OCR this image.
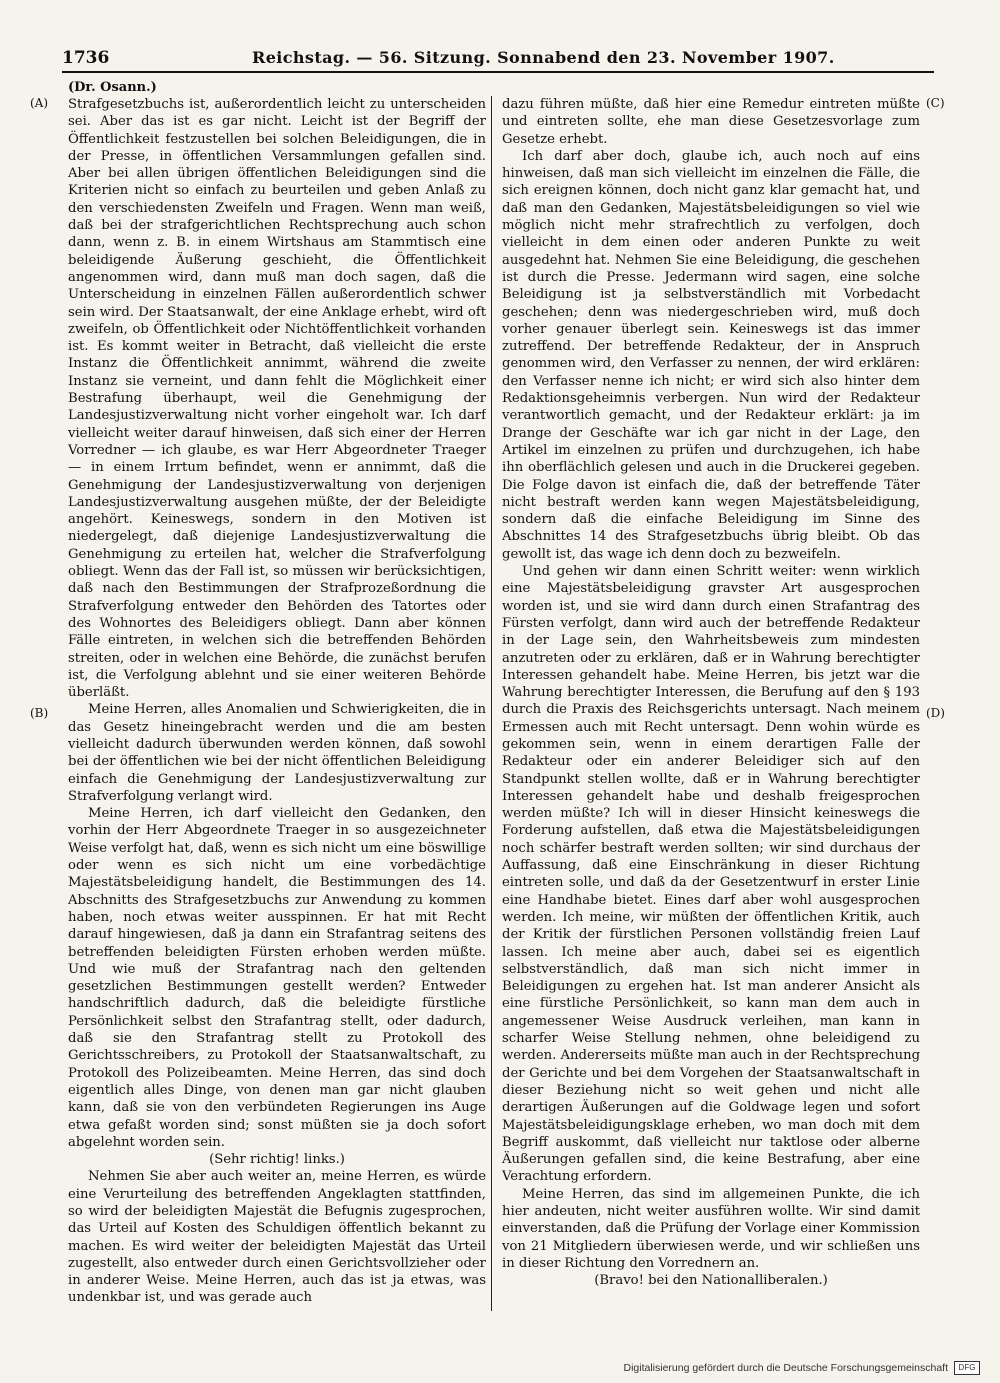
1736	Reichstag. — 56. Sitzung. Sonnabend den 23. November 1907.
(Dr. Osann.)
(A)
(B)
(C)
(D)

Strafgesetzbuchs ist, außerordentlich leicht zu unterscheiden sei. Aber das ist es gar nicht. Leicht ist der Begriff der Öffentlichkeit festzustellen bei solchen Beleidigungen, die in der Presse, in öffentlichen Versammlungen gefallen sind. Aber bei allen übrigen öffentlichen Beleidigungen sind die Kriterien nicht so einfach zu beurteilen und geben Anlaß zu den verschiedensten Zweifeln und Fragen. Wenn man weiß, daß bei der strafgerichtlichen Rechtsprechung auch schon dann, wenn z. B. in einem Wirtshaus am Stammtisch eine beleidigende Äußerung geschieht, die Öffentlichkeit angenommen wird, dann muß man doch sagen, daß die Unterscheidung in einzelnen Fällen außerordentlich schwer sein wird. Der Staatsanwalt, der eine Anklage erhebt, wird oft zweifeln, ob Öffentlichkeit oder Nichtöffentlichkeit vorhanden ist. Es kommt weiter in Betracht, daß vielleicht die erste Instanz die Öffentlichkeit annimmt, während die zweite Instanz sie verneint, und dann fehlt die Möglichkeit einer Bestrafung überhaupt, weil die Genehmigung der Landesjustizverwaltung nicht vorher eingeholt war. Ich darf vielleicht weiter darauf hinweisen, daß sich einer der Herren Vorredner — ich glaube, es war Herr Abgeordneter Traeger — in einem Irrtum befindet, wenn er annimmt, daß die Genehmigung der Landesjustizverwaltung von derjenigen Landesjustizverwaltung ausgehen müßte, der der Beleidigte angehört. Keineswegs, sondern in den Motiven ist niedergelegt, daß diejenige Landesjustizverwaltung die Genehmigung zu erteilen hat, welcher die Strafverfolgung obliegt. Wenn das der Fall ist, so müssen wir berücksichtigen, daß nach den Bestimmungen der Strafprozeßordnung die Strafverfolgung entweder den Behörden des Tatortes oder des Wohnortes des Beleidigers obliegt. Dann aber können Fälle eintreten, in welchen sich die betreffenden Behörden streiten, oder in welchen eine Behörde, die zunächst berufen ist, die Verfolgung ablehnt und sie einer weiteren Behörde überläßt.

Meine Herren, alles Anomalien und Schwierigkeiten, die in das Gesetz hineingebracht werden und die am besten vielleicht dadurch überwunden werden können, daß sowohl bei der öffentlichen wie bei der nicht öffentlichen Beleidigung einfach die Genehmigung der Landesjustizverwaltung zur Strafverfolgung verlangt wird.

Meine Herren, ich darf vielleicht den Gedanken, den vorhin der Herr Abgeordnete Traeger in so ausgezeichneter Weise verfolgt hat, daß, wenn es sich nicht um eine böswillige oder wenn es sich nicht um eine vorbedächtige Majestätsbeleidigung handelt, die Bestimmungen des 14. Abschnitts des Strafgesetzbuchs zur Anwendung zu kommen haben, noch etwas weiter ausspinnen. Er hat mit Recht darauf hingewiesen, daß ja dann ein Strafantrag seitens des betreffenden beleidigten Fürsten erhoben werden müßte. Und wie muß der Strafantrag nach den geltenden gesetzlichen Bestimmungen gestellt werden? Entweder handschriftlich dadurch, daß die beleidigte fürstliche Persönlichkeit selbst den Strafantrag stellt, oder dadurch, daß sie den Strafantrag stellt zu Protokoll des Gerichtsschreibers, zu Protokoll der Staatsanwaltschaft, zu Protokoll des Polizeibeamten. Meine Herren, das sind doch eigentlich alles Dinge, von denen man gar nicht glauben kann, daß sie von den verbündeten Regierungen ins Auge etwa gefaßt worden sind; sonst müßten sie ja doch sofort abgelehnt worden sein.

(Sehr richtig! links.)

Nehmen Sie aber auch weiter an, meine Herren, es würde eine Verurteilung des betreffenden Angeklagten stattfinden, so wird der beleidigten Majestät die Befugnis zugesprochen, das Urteil auf Kosten des Schuldigen öffentlich bekannt zu machen. Es wird weiter der beleidigten Majestät das Urteil zugestellt, also entweder durch einen Gerichtsvollzieher oder in anderer Weise. Meine Herren, auch das ist ja etwas, was undenkbar ist, und was gerade auch

dazu führen müßte, daß hier eine Remedur eintreten müßte und eintreten sollte, ehe man diese Gesetzesvorlage zum Gesetze erhebt.

Ich darf aber doch, glaube ich, auch noch auf eins hinweisen, daß man sich vielleicht im einzelnen die Fälle, die sich ereignen können, doch nicht ganz klar gemacht hat, und daß man den Gedanken, Majestätsbeleidigungen so viel wie möglich nicht mehr strafrechtlich zu verfolgen, doch vielleicht in dem einen oder anderen Punkte zu weit ausgedehnt hat. Nehmen Sie eine Beleidigung, die geschehen ist durch die Presse. Jedermann wird sagen, eine solche Beleidigung ist ja selbstverständlich mit Vorbedacht geschehen; denn was niedergeschrieben wird, muß doch vorher genauer überlegt sein. Keineswegs ist das immer zutreffend. Der betreffende Redakteur, der in Anspruch genommen wird, den Verfasser zu nennen, der wird erklären: den Verfasser nenne ich nicht; er wird sich also hinter dem Redaktionsgeheimnis verbergen. Nun wird der Redakteur verantwortlich gemacht, und der Redakteur erklärt: ja im Drange der Geschäfte war ich gar nicht in der Lage, den Artikel im einzelnen zu prüfen und durchzugehen, ich habe ihn oberflächlich gelesen und auch in die Druckerei gegeben. Die Folge davon ist einfach die, daß der betreffende Täter nicht bestraft werden kann wegen Majestätsbeleidigung, sondern daß die einfache Beleidigung im Sinne des Abschnittes 14 des Strafgesetzbuchs übrig bleibt. Ob das gewollt ist, das wage ich denn doch zu bezweifeln.

Und gehen wir dann einen Schritt weiter: wenn wirklich eine Majestätsbeleidigung gravster Art ausgesprochen worden ist, und sie wird dann durch einen Strafantrag des Fürsten verfolgt, dann wird auch der betreffende Redakteur in der Lage sein, den Wahrheitsbeweis zum mindesten anzutreten oder zu erklären, daß er in Wahrung berechtigter Interessen gehandelt habe. Meine Herren, bis jetzt war die Wahrung berechtigter Interessen, die Berufung auf den § 193 durch die Praxis des Reichsgerichts untersagt. Nach meinem Ermessen auch mit Recht untersagt. Denn wohin würde es gekommen sein, wenn in einem derartigen Falle der Redakteur oder ein anderer Beleidiger sich auf den Standpunkt stellen wollte, daß er in Wahrung berechtigter Interessen gehandelt habe und deshalb freigesprochen werden müßte? Ich will in dieser Hinsicht keineswegs die Forderung aufstellen, daß etwa die Majestätsbeleidigungen noch schärfer bestraft werden sollten; wir sind durchaus der Auffassung, daß eine Einschränkung in dieser Richtung eintreten solle, und daß da der Gesetzentwurf in erster Linie eine Handhabe bietet. Eines darf aber wohl ausgesprochen werden. Ich meine, wir müßten der öffentlichen Kritik, auch der Kritik der fürstlichen Personen vollständig freien Lauf lassen. Ich meine aber auch, dabei sei es eigentlich selbstverständlich, daß man sich nicht immer in Beleidigungen zu ergehen hat. Ist man anderer Ansicht als eine fürstliche Persönlichkeit, so kann man dem auch in angemessener Weise Ausdruck verleihen, man kann in scharfer Weise Stellung nehmen, ohne beleidigend zu werden. Andererseits müßte man auch in der Rechtsprechung der Gerichte und bei dem Vorgehen der Staatsanwaltschaft in dieser Beziehung nicht so weit gehen und nicht alle derartigen Äußerungen auf die Goldwage legen und sofort Majestätsbeleidigungsklage erheben, wo man doch mit dem Begriff auskommt, daß vielleicht nur taktlose oder alberne Äußerungen gefallen sind, die keine Bestrafung, aber eine Verachtung erfordern.

Meine Herren, das sind im allgemeinen Punkte, die ich hier andeuten, nicht weiter ausführen wollte. Wir sind damit einverstanden, daß die Prüfung der Vorlage einer Kommission von 21 Mitgliedern überwiesen werde, und wir schließen uns in dieser Richtung den Vorrednern an.

(Bravo! bei den Nationalliberalen.)

Digitalisierung gefördert durch die Deutsche Forschungsgemeinschaft	DFG
